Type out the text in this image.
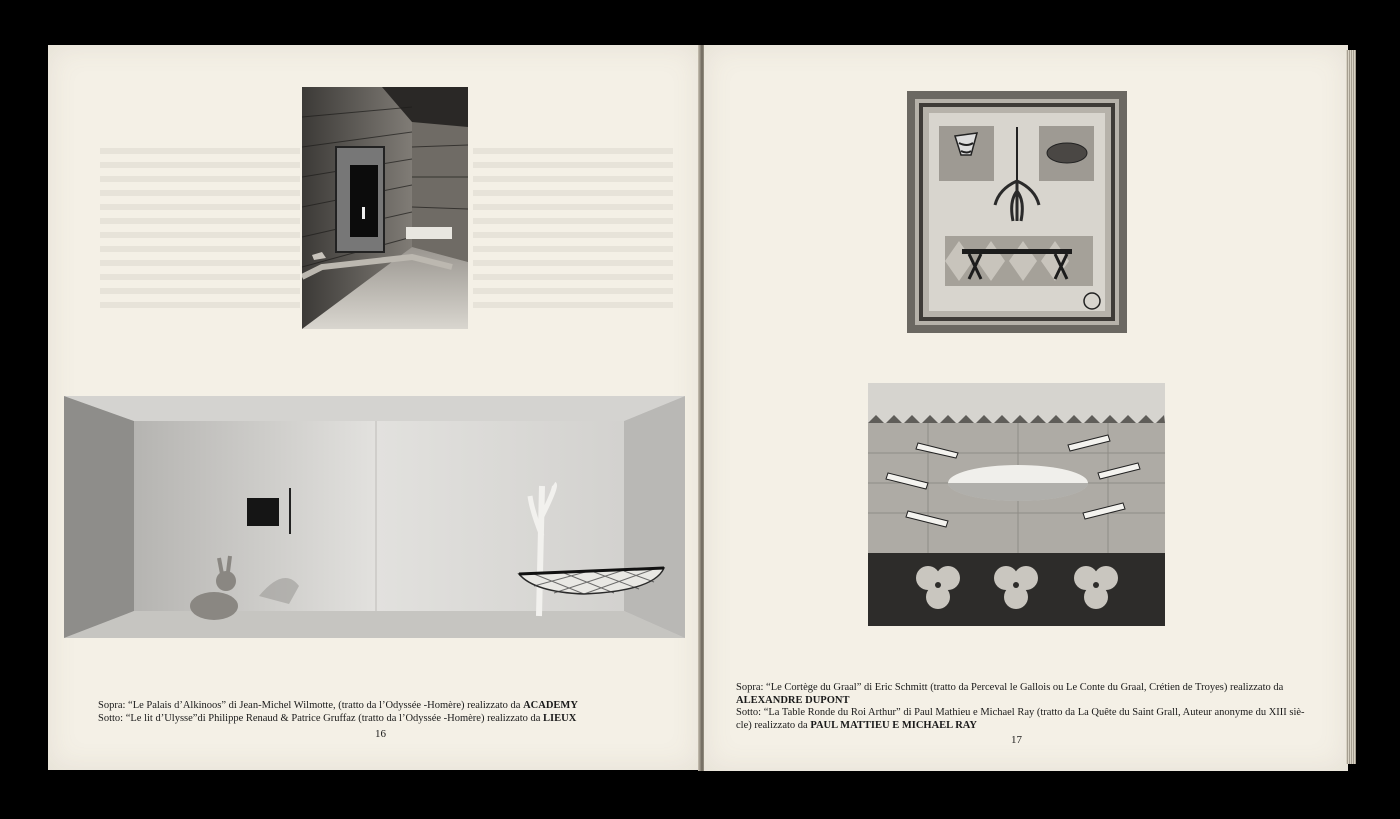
Sopra: “Le Palais d’Alkinoos” di Jean-Michel Wilmotte, (tratto da l’Odyssée -Homère) realizzato da ACADEMY
Sotto: “Le lit d’Ulysse”di Philippe Renaud & Patrice Gruffaz (tratto da l’Odyssée -Homère) realizzato da LIEUX
16
Sopra: “Le Cortège du Graal” di Eric Schmitt (tratto da Perceval le Gallois ou Le Conte du Graal, Crétien de Troyes) realizzato da
ALEXANDRE DUPONT
Sotto: “La Table Ronde du Roi Arthur” di Paul Mathieu e Michael Ray (tratto da La Quête du Saint Grall, Auteur anonyme du XIII siè-
cle) realizzato da PAUL MATTIEU E MICHAEL RAY
17
